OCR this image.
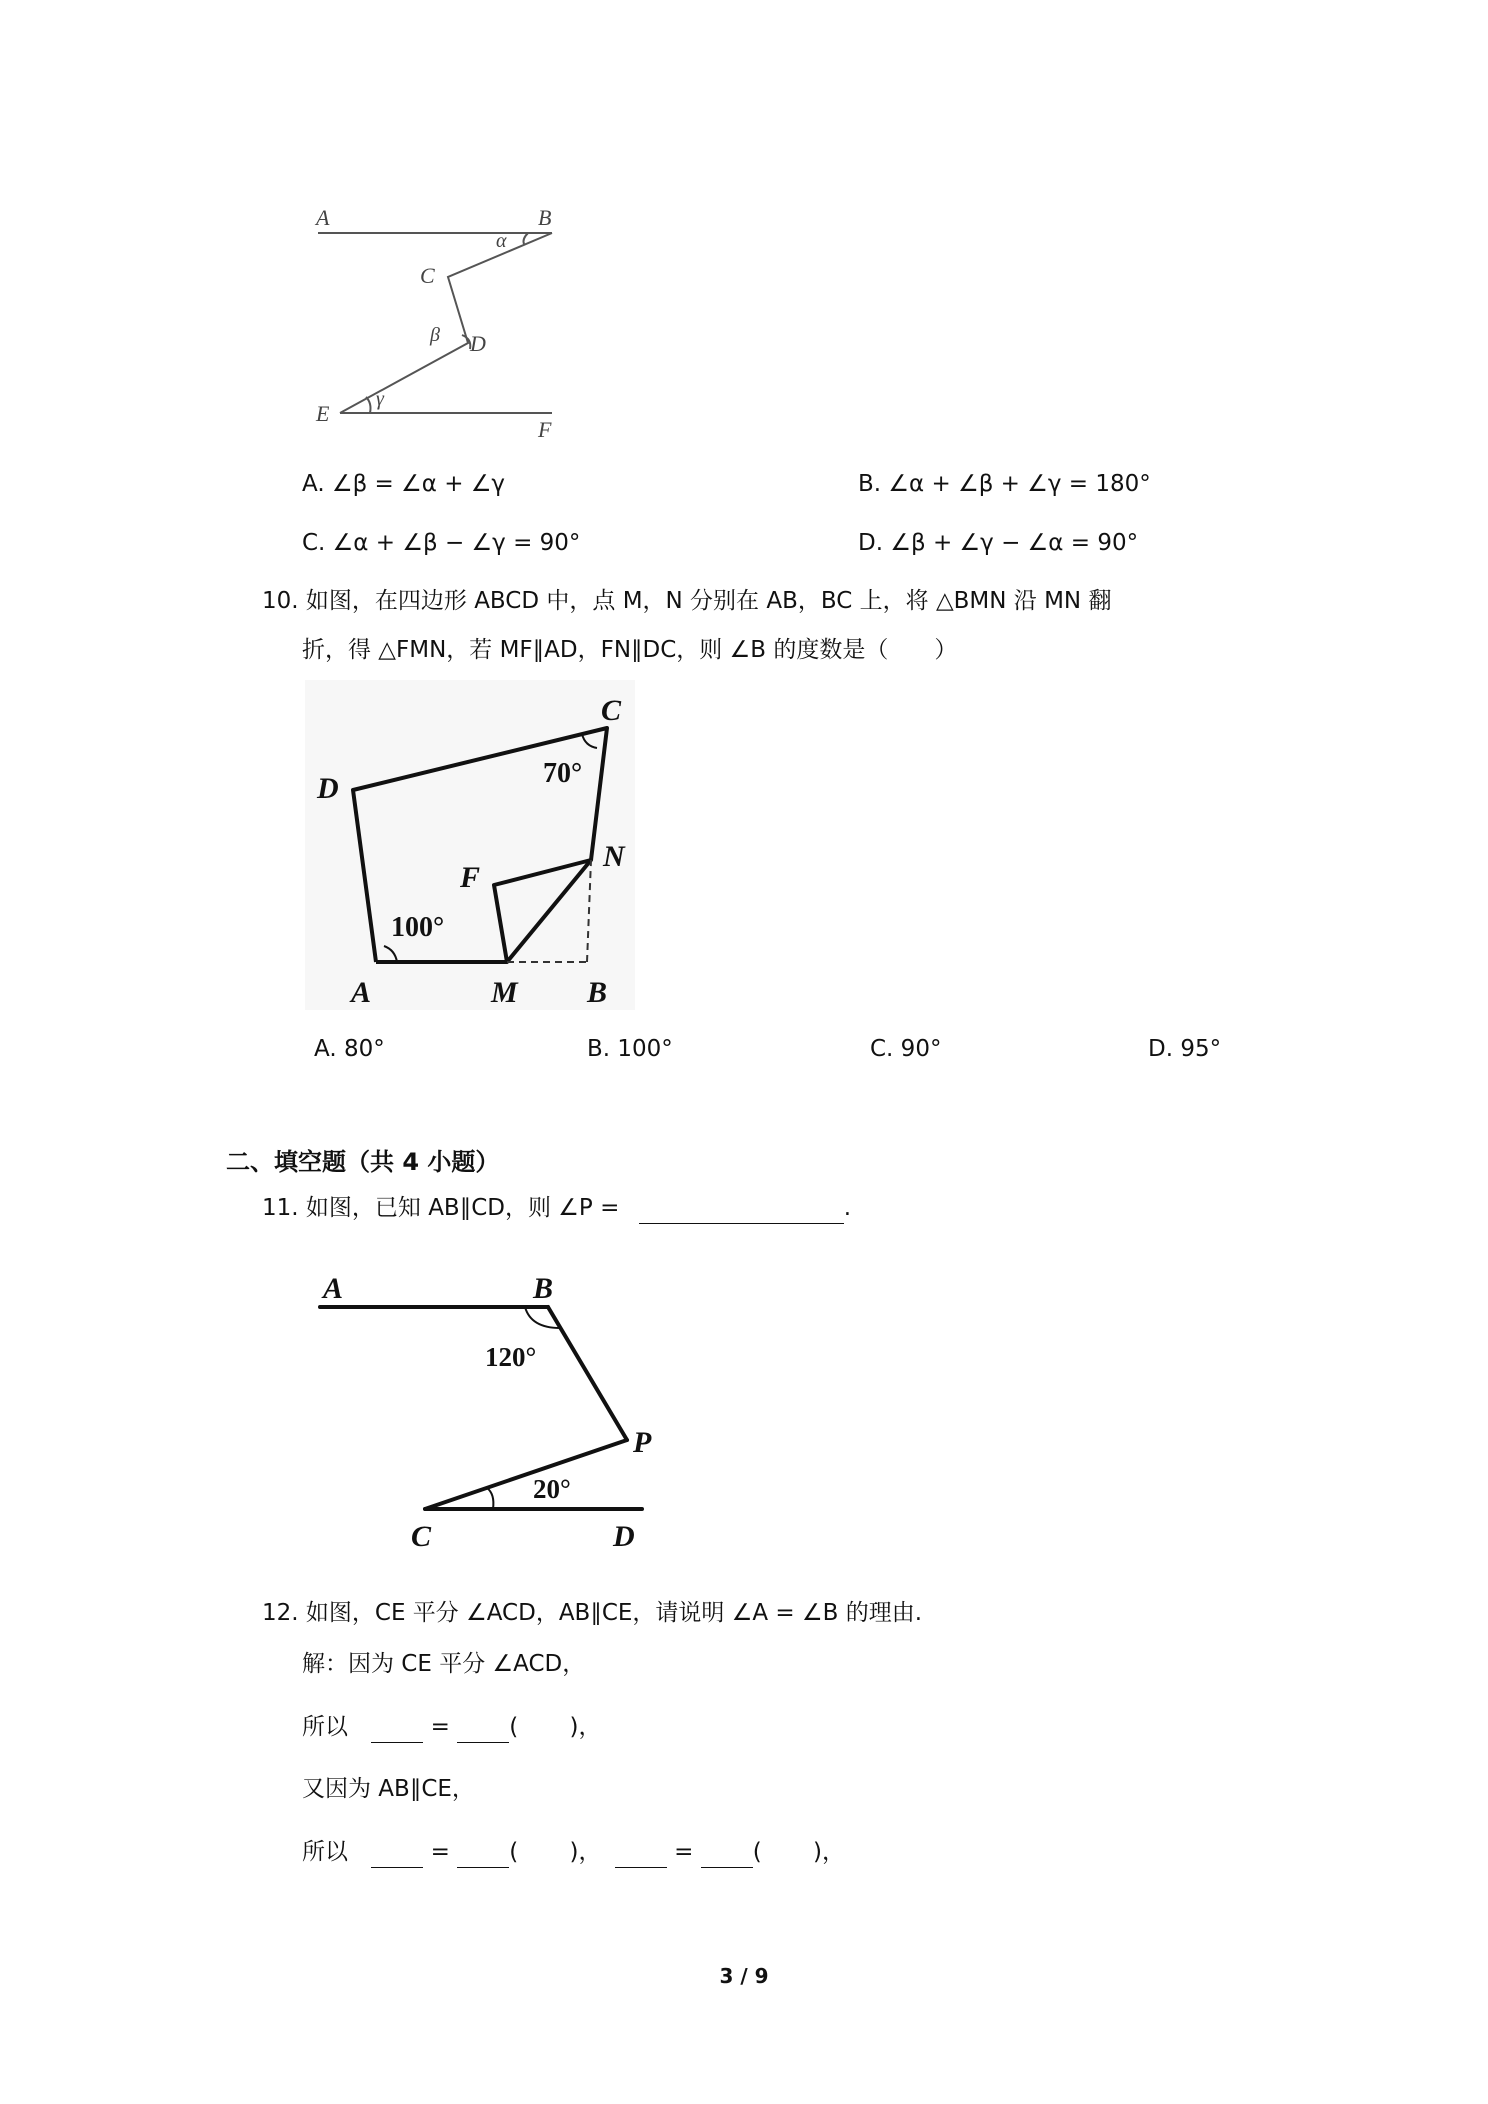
A	B
C
D
E
F
α
β
γ
A. ∠β = ∠α + ∠γ	B. ∠α + ∠β + ∠γ = 180°
C. ∠α + ∠β − ∠γ = 90°	D. ∠β + ∠γ − ∠α = 90°
10. 如图，在四边形 ABCD 中，点 M，N 分别在 AB，BC 上，将 △BMN 沿 MN 翻
折，得 △FMN，若 MF∥AD，FN∥DC，则 ∠B 的度数是（　　）
D
C
N
F
A	M B
70°
100°
A. 80°	B. 100°	C. 90°	D. 95°
二、填空题（共 4 小题）
11. 如图，已知 AB∥CD，则 ∠P =	.
A	B
P
C	D
120°
20°
12. 如图，CE 平分 ∠ACD，AB∥CE，请说明 ∠A = ∠B 的理由.
解：因为 CE 平分 ∠ACD，
所以	=	( )，
又因为 AB∥CE，
所以	=	( )，	=	( )，
3 / 9
